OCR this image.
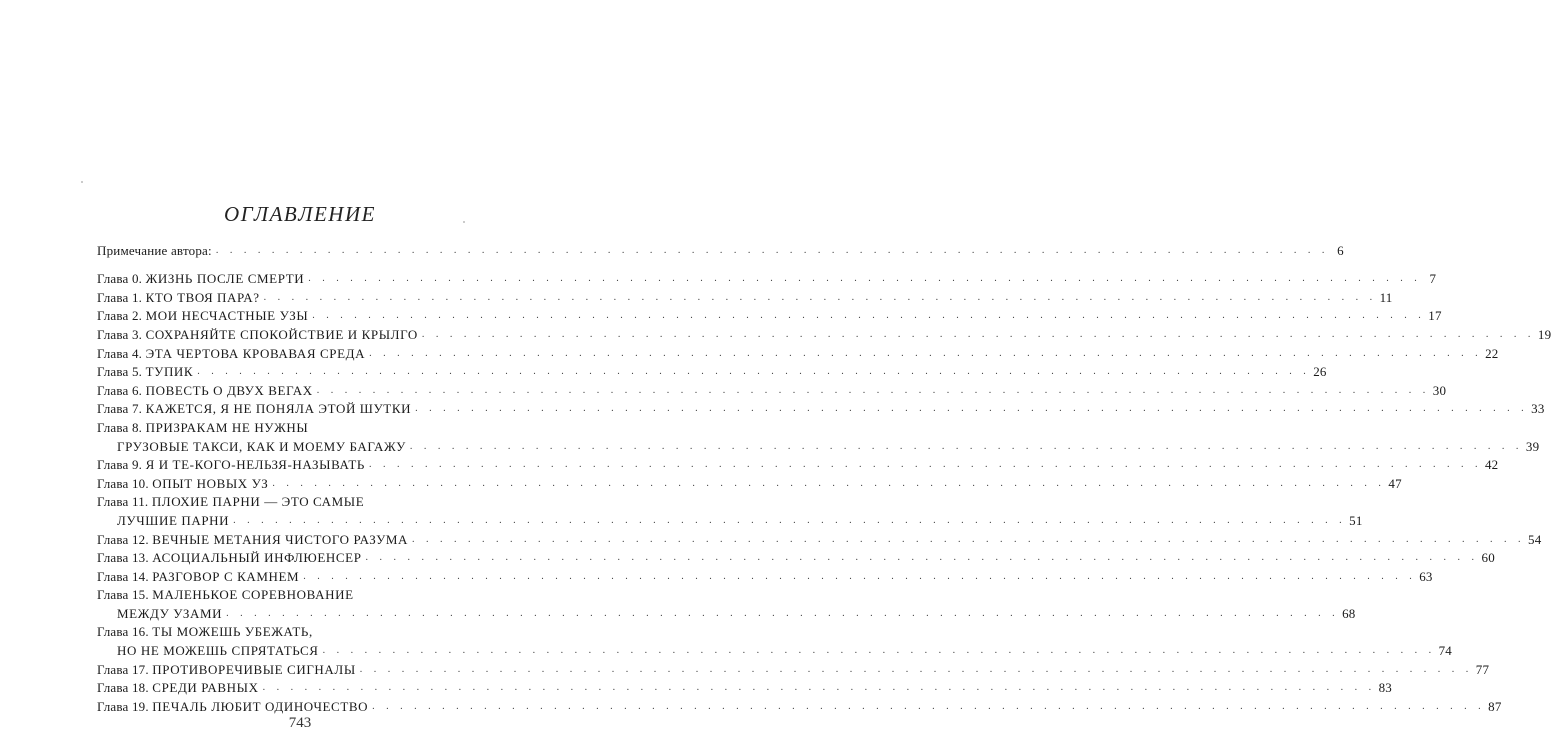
ОГЛАВЛЕНИЕ
Примечание автора: . . . . . . . . . . . . . . . . . . . . . . . . . . . . . . . . . . . . . . . . . . . . . . . . . . . . . . . . . . . . . . . . . . . . . . . . . . . . . . . . 6
Глава 0.
ЖИЗНЬ ПОСЛЕ СМЕРТИ . . . . . . . . . . . . . . . . . . . . . . . . . . . . . . . . . . . . . . . . . . . . . . . . . . . . . . . . . . . . . . . . . . . . . . . . . . . . . . . . 7
Глава 1.
КТО ТВОЯ ПАРА? . . . . . . . . . . . . . . . . . . . . . . . . . . . . . . . . . . . . . . . . . . . . . . . . . . . . . . . . . . . . . . . . . . . . . . . . . . . . . . . . 11
Глава 2.
МОИ НЕСЧАСТНЫЕ УЗЫ . . . . . . . . . . . . . . . . . . . . . . . . . . . . . . . . . . . . . . . . . . . . . . . . . . . . . . . . . . . . . . . . . . . . . . . . . . . . . . . . 17
Глава 3.
СОХРАНЯЙТЕ СПОКОЙСТВИЕ И КРЫЛГО . . . . . . . . . . . . . . . . . . . . . . . . . . . . . . . . . . . . . . . . . . . . . . . . . . . . . . . . . . . . . . . . . . . . . . . . . . . . . . . . 19
Глава 4.
ЭТА ЧЕРТОВА КРОВАВАЯ СРЕДА . . . . . . . . . . . . . . . . . . . . . . . . . . . . . . . . . . . . . . . . . . . . . . . . . . . . . . . . . . . . . . . . . . . . . . . . . . . . . . . . 22
Глава 5.
ТУПИК . . . . . . . . . . . . . . . . . . . . . . . . . . . . . . . . . . . . . . . . . . . . . . . . . . . . . . . . . . . . . . . . . . . . . . . . . . . . . . . . 26
Глава 6.
ПОВЕСТЬ О ДВУХ ВЕГАХ . . . . . . . . . . . . . . . . . . . . . . . . . . . . . . . . . . . . . . . . . . . . . . . . . . . . . . . . . . . . . . . . . . . . . . . . . . . . . . . . 30
Глава 7.
КАЖЕТСЯ, Я НЕ ПОНЯЛА ЭТОЙ ШУТКИ . . . . . . . . . . . . . . . . . . . . . . . . . . . . . . . . . . . . . . . . . . . . . . . . . . . . . . . . . . . . . . . . . . . . . . . . . . . . . . . . 33
Глава 8.
ПРИЗРАКАМ НЕ НУЖНЫ
ГРУЗОВЫЕ ТАКСИ, КАК И МОЕМУ БАГАЖУ . . . . . . . . . . . . . . . . . . . . . . . . . . . . . . . . . . . . . . . . . . . . . . . . . . . . . . . . . . . . . . . . . . . . . . . . . . . . . . . . 39
Глава 9.
Я И ТЕ-КОГО-НЕЛЬЗЯ-НАЗЫВАТЬ . . . . . . . . . . . . . . . . . . . . . . . . . . . . . . . . . . . . . . . . . . . . . . . . . . . . . . . . . . . . . . . . . . . . . . . . . . . . . . . . 42
Глава 10.
ОПЫТ НОВЫХ УЗ . . . . . . . . . . . . . . . . . . . . . . . . . . . . . . . . . . . . . . . . . . . . . . . . . . . . . . . . . . . . . . . . . . . . . . . . . . . . . . . . 47
Глава 11.
ПЛОХИЕ ПАРНИ — ЭТО САМЫЕ
ЛУЧШИЕ ПАРНИ . . . . . . . . . . . . . . . . . . . . . . . . . . . . . . . . . . . . . . . . . . . . . . . . . . . . . . . . . . . . . . . . . . . . . . . . . . . . . . . . 51
Глава 12.
ВЕЧНЫЕ МЕТАНИЯ ЧИСТОГО РАЗУМА . . . . . . . . . . . . . . . . . . . . . . . . . . . . . . . . . . . . . . . . . . . . . . . . . . . . . . . . . . . . . . . . . . . . . . . . . . . . . . . . 54
Глава 13.
АСОЦИАЛЬНЫЙ ИНФЛЮЕНСЕР . . . . . . . . . . . . . . . . . . . . . . . . . . . . . . . . . . . . . . . . . . . . . . . . . . . . . . . . . . . . . . . . . . . . . . . . . . . . . . . . 60
Глава 14.
РАЗГОВОР С КАМНЕМ . . . . . . . . . . . . . . . . . . . . . . . . . . . . . . . . . . . . . . . . . . . . . . . . . . . . . . . . . . . . . . . . . . . . . . . . . . . . . . . . 63
Глава 15.
МАЛЕНЬКОЕ СОРЕВНОВАНИЕ
МЕЖДУ УЗАМИ . . . . . . . . . . . . . . . . . . . . . . . . . . . . . . . . . . . . . . . . . . . . . . . . . . . . . . . . . . . . . . . . . . . . . . . . . . . . . . . . 68
Глава 16.
ТЫ МОЖЕШЬ УБЕЖАТЬ,
НО НЕ МОЖЕШЬ СПРЯТАТЬСЯ . . . . . . . . . . . . . . . . . . . . . . . . . . . . . . . . . . . . . . . . . . . . . . . . . . . . . . . . . . . . . . . . . . . . . . . . . . . . . . . . 74
Глава 17.
ПРОТИВОРЕЧИВЫЕ СИГНАЛЫ . . . . . . . . . . . . . . . . . . . . . . . . . . . . . . . . . . . . . . . . . . . . . . . . . . . . . . . . . . . . . . . . . . . . . . . . . . . . . . . . 77
Глава 18.
СРЕДИ РАВНЫХ . . . . . . . . . . . . . . . . . . . . . . . . . . . . . . . . . . . . . . . . . . . . . . . . . . . . . . . . . . . . . . . . . . . . . . . . . . . . . . . . 83
Глава 19.
ПЕЧАЛЬ ЛЮБИТ ОДИНОЧЕСТВО . . . . . . . . . . . . . . . . . . . . . . . . . . . . . . . . . . . . . . . . . . . . . . . . . . . . . . . . . . . . . . . . . . . . . . . . . . . . . . . . 87
743
